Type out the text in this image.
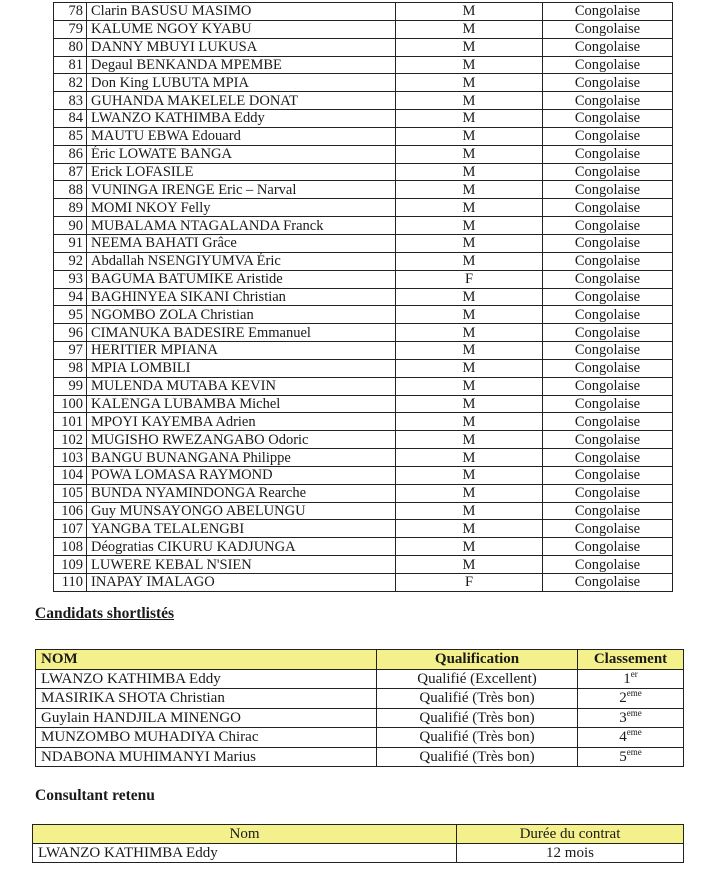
78	Clarin BASUSU MASIMO	M	Congolaise
79	KALUME NGOY KYABU	M	Congolaise
80	DANNY MBUYI LUKUSA	M	Congolaise
81	Degaul BENKANDA MPEMBE	M	Congolaise
82	Don King LUBUTA MPIA	M	Congolaise
83	GUHANDA MAKELELE DONAT	M	Congolaise
84	LWANZO KATHIMBA Eddy	M	Congolaise
85	MAUTU EBWA Edouard	M	Congolaise
86	Éric LOWATE BANGA	M	Congolaise
87	Erick LOFASILE	M	Congolaise
88	VUNINGA IRENGE Eric – Narval	M	Congolaise
89	MOMI NKOY Felly	M	Congolaise
90	MUBALAMA NTAGALANDA Franck	M	Congolaise
91	NEEMA BAHATI Grâce	M	Congolaise
92	Abdallah NSENGIYUMVA Éric	M	Congolaise
93	BAGUMA BATUMIKE Aristide	F	Congolaise
94	BAGHINYEA SIKANI Christian	M	Congolaise
95	NGOMBO ZOLA Christian	M	Congolaise
96	CIMANUKA BADESIRE Emmanuel	M	Congolaise
97	HERITIER MPIANA	M	Congolaise
98	MPIA LOMBILI	M	Congolaise
99	MULENDA MUTABA KEVIN	M	Congolaise
100	KALENGA LUBAMBA Michel	M	Congolaise
101	MPOYI KAYEMBA Adrien	M	Congolaise
102	MUGISHO RWEZANGABO Odoric	M	Congolaise
103	BANGU BUNANGANA Philippe	M	Congolaise
104	POWA LOMASA RAYMOND	M	Congolaise
105	BUNDA NYAMINDONGA Rearche	M	Congolaise
106	Guy MUNSAYONGO ABELUNGU	M	Congolaise
107	YANGBA TELALENGBI	M	Congolaise
108	Déogratias CIKURU KADJUNGA	M	Congolaise
109	LUWERE KEBAL N'SIEN	M	Congolaise
110	INAPAY IMALAGO	F	Congolaise
Candidats shortlistés
NOM	Qualification	Classement
LWANZO KATHIMBA Eddy	Qualifié (Excellent)	1er
MASIRIKA SHOTA Christian	Qualifié (Très bon)	2eme
Guylain HANDJILA MINENGO	Qualifié (Très bon)	3eme
MUNZOMBO MUHADIYA Chirac	Qualifié (Très bon)	4eme
NDABONA MUHIMANYI Marius	Qualifié (Très bon)	5eme
Consultant retenu
Nom	Durée du contrat
LWANZO KATHIMBA Eddy	12 mois
